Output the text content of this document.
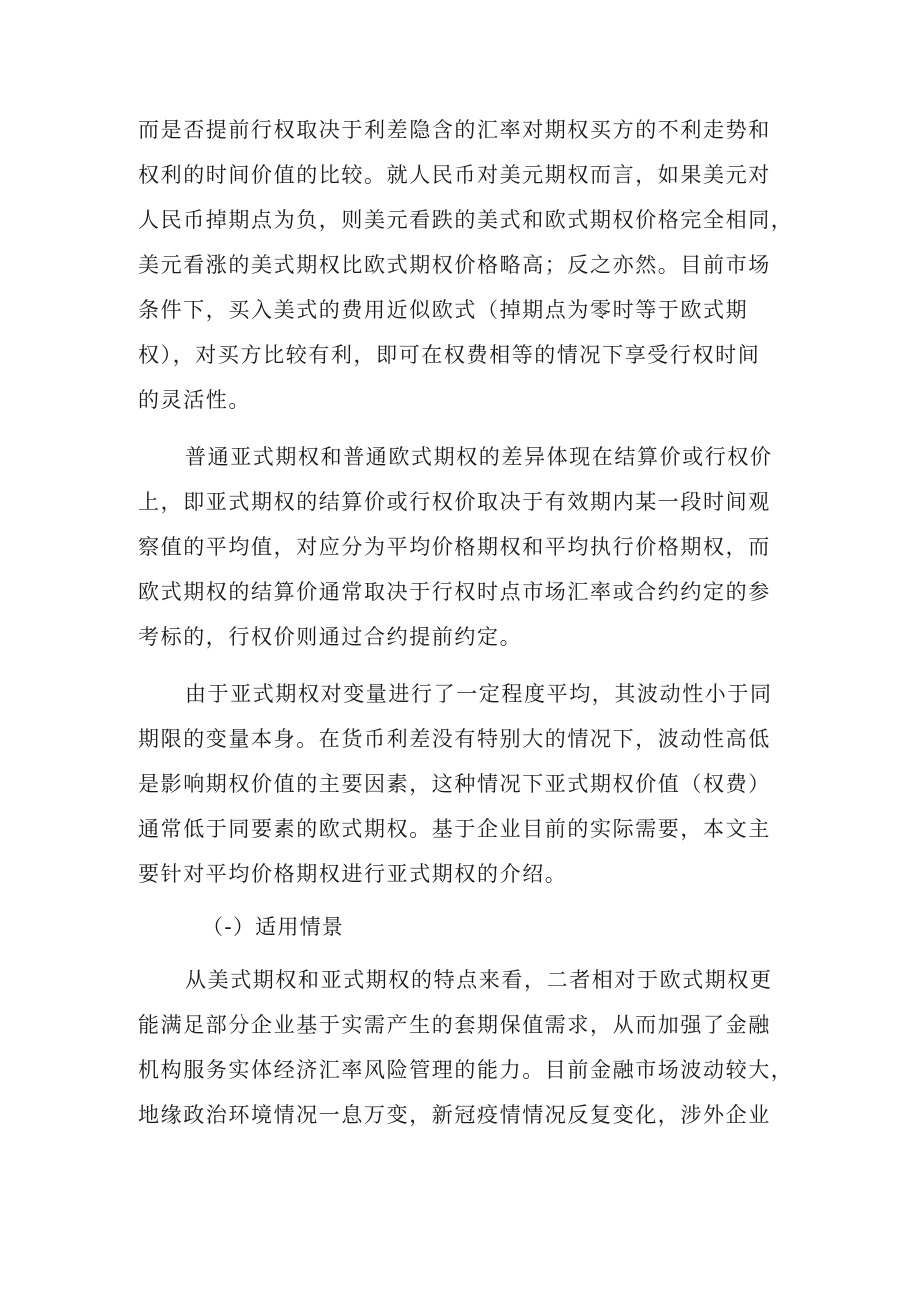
而是否提前行权取决于利差隐含的汇率对期权买方的不利走势和
权利的时间价值的比较。就人民币对美元期权而言，如果美元对
人民币掉期点为负，则美元看跌的美式和欧式期权价格完全相同，
美元看涨的美式期权比欧式期权价格略高；反之亦然。目前市场
条件下，买入美式的费用近似欧式（掉期点为零时等于欧式期
权），对买方比较有利，即可在权费相等的情况下享受行权时间
的灵活性。
普通亚式期权和普通欧式期权的差异体现在结算价或行权价
上，即亚式期权的结算价或行权价取决于有效期内某一段时间观
察值的平均值，对应分为平均价格期权和平均执行价格期权，而
欧式期权的结算价通常取决于行权时点市场汇率或合约约定的参
考标的，行权价则通过合约提前约定。
由于亚式期权对变量进行了一定程度平均，其波动性小于同
期限的变量本身。在货币利差没有特别大的情况下，波动性高低
是影响期权价值的主要因素，这种情况下亚式期权价值（权费）
通常低于同要素的欧式期权。基于企业目前的实际需要，本文主
要针对平均价格期权进行亚式期权的介绍。
（-）适用情景
从美式期权和亚式期权的特点来看，二者相对于欧式期权更
能满足部分企业基于实需产生的套期保值需求，从而加强了金融
机构服务实体经济汇率风险管理的能力。目前金融市场波动较大，
地缘政治环境情况一息万变，新冠疫情情况反复变化，涉外企业
